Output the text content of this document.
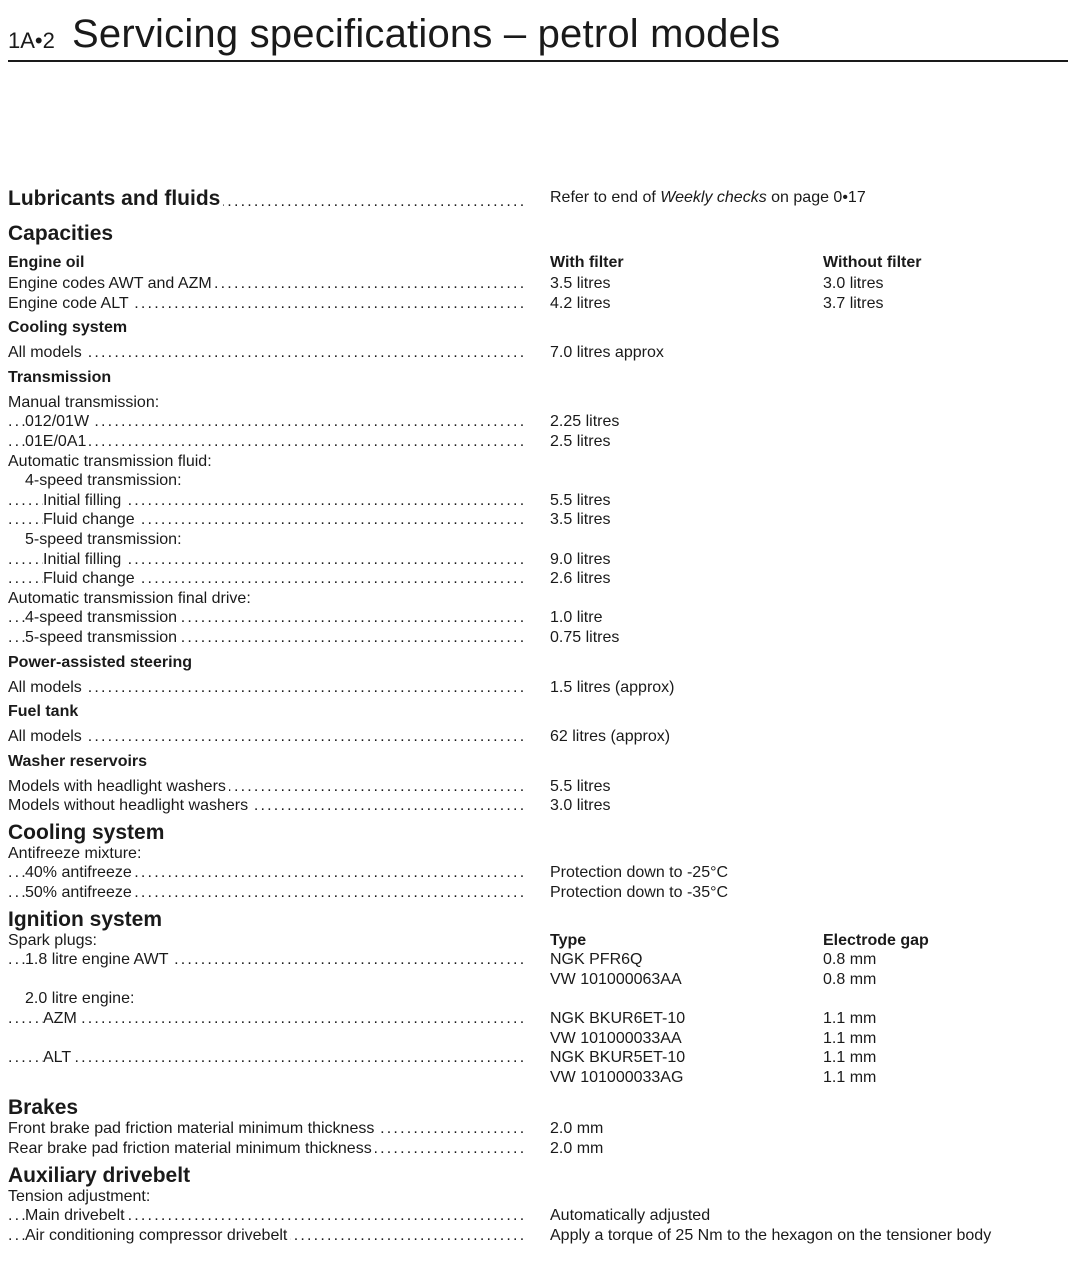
1A•2 Servicing specifications – petrol models
Lubricants and fluids .....	Refer to end of Weekly checks on page 0•17
Capacities
Engine oil	With filter	Without filter
Engine codes AWT and AZM .....	3.5 litres	3.0 litres
Engine code ALT .....	4.2 litres	3.7 litres
Cooling system
All models .....	7.0 litres approx
Transmission
Manual transmission:
012/01W .....	2.25 litres
01E/0A1 .....	2.5 litres
Automatic transmission fluid:
4-speed transmission:
Initial filling .....	5.5 litres
Fluid change .....	3.5 litres
5-speed transmission:
Initial filling .....	9.0 litres
Fluid change .....	2.6 litres
Automatic transmission final drive:
4-speed transmission .....	1.0 litre
5-speed transmission .....	0.75 litres
Power-assisted steering
All models .....	1.5 litres (approx)
Fuel tank
All models .....	62 litres (approx)
Washer reservoirs
Models with headlight washers .....	5.5 litres
Models without headlight washers .....	3.0 litres
Cooling system
Antifreeze mixture:
40% antifreeze .....	Protection down to -25°C
50% antifreeze .....	Protection down to -35°C
Ignition system
Spark plugs:	Type	Electrode gap
1.8 litre engine AWT .....	NGK PFR6Q	0.8 mm
VW 101000063AA	0.8 mm
2.0 litre engine:
AZM .....	NGK BKUR6ET-10	1.1 mm
VW 101000033AA	1.1 mm
ALT .....	NGK BKUR5ET-10	1.1 mm
VW 101000033AG	1.1 mm
Brakes
Front brake pad friction material minimum thickness .....	2.0 mm
Rear brake pad friction material minimum thickness .....	2.0 mm
Auxiliary drivebelt
Tension adjustment:
Main drivebelt .....	Automatically adjusted
Air conditioning compressor drivebelt .....	Apply a torque of 25 Nm to the hexagon on the tensioner body
